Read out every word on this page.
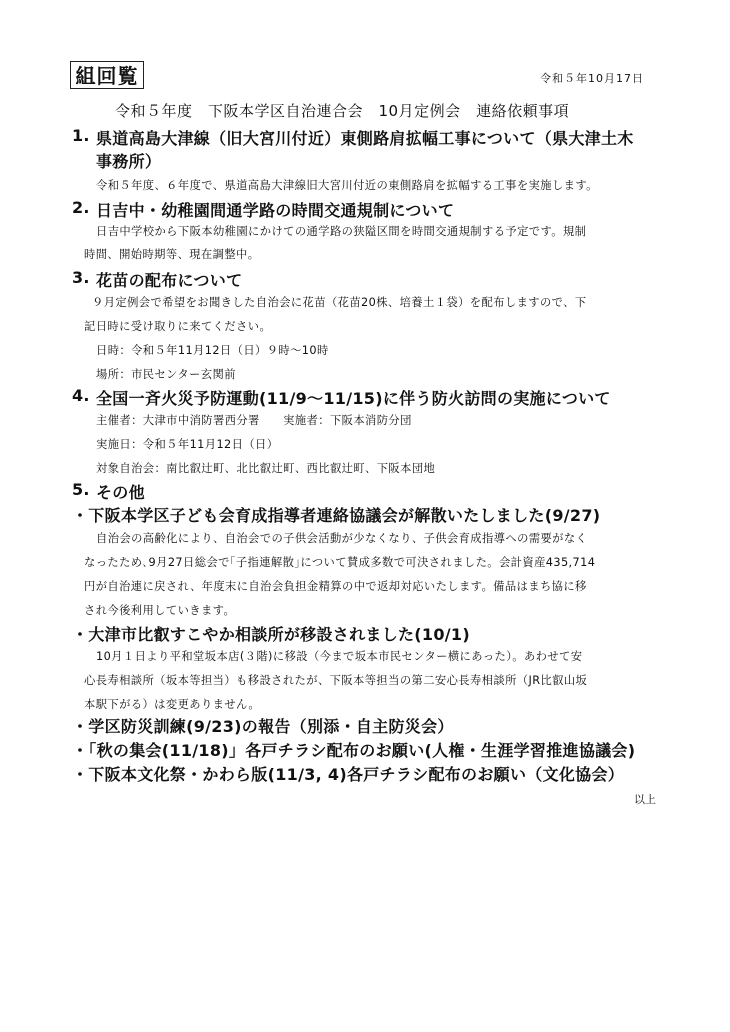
組回覧	令和５年10月17日
令和５年度　下阪本学区自治連合会　10月定例会　連絡依頼事項
1. 県道高島大津線（旧大宮川付近）東側路肩拡幅工事について（県大津土木
事務所）
令和５年度、６年度で、県道高島大津線旧大宮川付近の東側路肩を拡幅する工事を実施します。
2. 日吉中・幼稚園間通学路の時間交通規制について
日吉中学校から下阪本幼稚園にかけての通学路の狭隘区間を時間交通規制する予定です。規制
時間、開始時期等、現在調整中。
3. 花苗の配布について
９月定例会で希望をお聞きした自治会に花苗（花苗20株、培養土１袋）を配布しますので、下
記日時に受け取りに来てください。
日時：令和５年11月12日（日）９時〜10時
場所：市民センター玄関前
4. 全国一斉火災予防運動(11/9〜11/15)に伴う防火訪問の実施について
主催者：大津市中消防署西分署　　実施者：下阪本消防分団
実施日：令和５年11月12日（日）
対象自治会：南比叡辻町、北比叡辻町、西比叡辻町、下阪本団地
5. その他
・下阪本学区子ども会育成指導者連絡協議会が解散いたしました(9/27)
自治会の高齢化により、自治会での子供会活動が少なくなり、子供会育成指導への需要がなく
なったため､9月27日総会で｢子指連解散｣について賛成多数で可決されました。会計資産435,714
円が自治連に戻され、年度末に自治会負担金精算の中で返却対応いたします。備品はまち協に移
され今後利用していきます。
・大津市比叡すこやか相談所が移設されました(10/1)
10月１日より平和堂坂本店(３階)に移設（今まで坂本市民センター横にあった）。あわせて安
心長寿相談所（坂本等担当）も移設されたが、下阪本等担当の第二安心長寿相談所（JR比叡山坂
本駅下がる）は変更ありません。
・学区防災訓練(9/23)の報告（別添・自主防災会）
・「秋の集会(11/18)」各戸チラシ配布のお願い(人権・生涯学習推進協議会)
・下阪本文化祭・かわら版(11/3, 4)各戸チラシ配布のお願い（文化協会）
以上
